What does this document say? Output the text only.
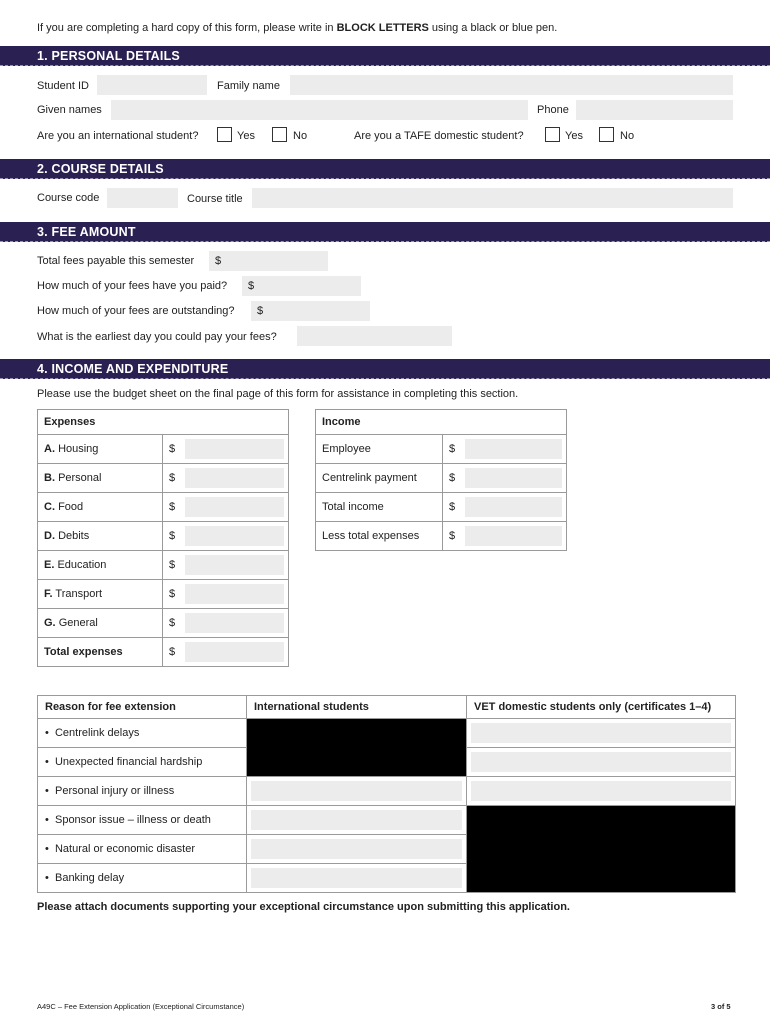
If you are completing a hard copy of this form, please write in BLOCK LETTERS using a black or blue pen.
1. PERSONAL DETAILS
Student ID	Family name
Given names	Phone
Are you an international student?	Yes	No	Are you a TAFE domestic student?	Yes	No
2. COURSE DETAILS
Course code	Course title
3. FEE AMOUNT
Total fees payable this semester	$
How much of your fees have you paid?	$
How much of your fees are outstanding?	$
What is the earliest day you could pay your fees?
4. INCOME AND EXPENDITURE
Please use the budget sheet on the final page of this form for assistance in completing this section.
Expenses	
A. Housing	$
B. Personal	$
C. Food	$
D. Debits	$
E. Education	$
F. Transport	$
G. General	$
Total expenses	$
Income	
Employee	$
Centrelink payment	$
Total income	$
Less total expenses	$
Reason for fee extension	International students	VET domestic students only (certificates 1–4)
• Centrelink delays		

• Unexpected financial hardship		

• Personal injury or illness	

• Sponsor issue – illness or death	

• Natural or economic disaster		

• Banking delay		
Please attach documents supporting your exceptional circumstance upon submitting this application.
A49C – Fee Extension Application (Exceptional Circumstance)	3 of 5
